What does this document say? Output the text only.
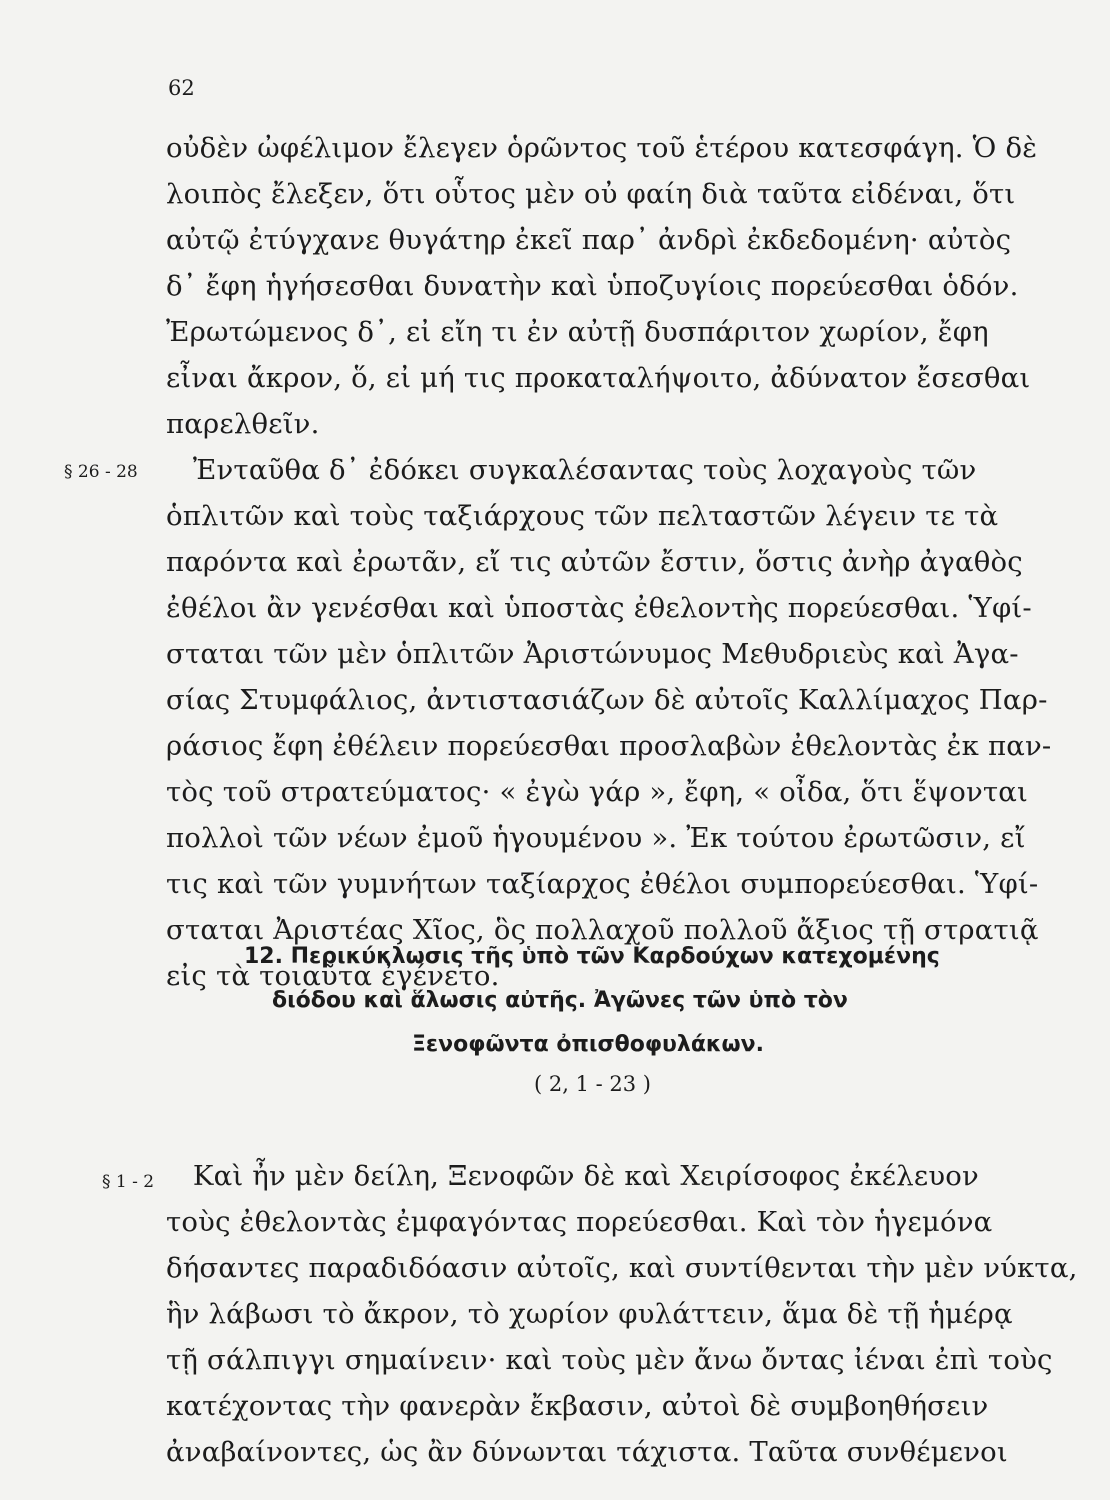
62
οὐδὲν ὠφέλιμον ἔλεγεν ὁρῶντος τοῦ ἑτέρου κατεσφάγη. Ὁ δὲ
λοιπὸς ἔλεξεν, ὅτι οὗτος μὲν οὐ φαίη διὰ ταῦτα εἰδέναι, ὅτι
αὐτῷ ἐτύγχανε θυγάτηρ ἐκεῖ παρ᾽ ἀνδρὶ ἐκδεδομένη· αὐτὸς
δ᾽ ἔφη ἡγήσεσθαι δυνατὴν καὶ ὑποζυγίοις πορεύεσθαι ὁδόν.
Ἐρωτώμενος δ᾽, εἰ εἴη τι ἐν αὐτῇ δυσπάριτον χωρίον, ἔφη
εἶναι ἄκρον, ὅ, εἰ μή τις προκαταλήψοιτο, ἀδύνατον ἔσεσθαι
παρελθεῖν.
§ 26 - 28 Ἐνταῦθα δ᾽ ἐδόκει συγκαλέσαντας τοὺς λοχαγοὺς τῶν
ὁπλιτῶν καὶ τοὺς ταξιάρχους τῶν πελταστῶν λέγειν τε τὰ
παρόντα καὶ ἐρωτᾶν, εἴ τις αὐτῶν ἔστιν, ὅστις ἀνὴρ ἀγαθὸς
ἐθέλοι ἂν γενέσθαι καὶ ὑποστὰς ἐθελοντὴς πορεύεσθαι. Ὑφί-
σταται τῶν μὲν ὁπλιτῶν Ἀριστώνυμος Μεθυδριεὺς καὶ Ἀγα-
σίας Στυμφάλιος, ἀντιστασιάζων δὲ αὐτοῖς Καλλίμαχος Παρ-
ράσιος ἔφη ἐθέλειν πορεύεσθαι προσλαβὼν ἐθελοντὰς ἐκ παν-
τὸς τοῦ στρατεύματος· « ἐγὼ γάρ », ἔφη, « οἶδα, ὅτι ἕψονται
πολλοὶ τῶν νέων ἐμοῦ ἡγουμένου ». Ἐκ τούτου ἐρωτῶσιν, εἴ
τις καὶ τῶν γυμνήτων ταξίαρχος ἐθέλοι συμπορεύεσθαι. Ὑφί-
σταται Ἀριστέας Χῖος, ὃς πολλαχοῦ πολλοῦ ἄξιος τῇ στρατιᾷ
εἰς τὰ τοιαῦτα ἐγένετο.
12. Περικύκλωσις τῆς ὑπὸ τῶν Καρδούχων κατεχομένης
διόδου καὶ ἅλωσις αὐτῆς. Ἀγῶνες τῶν ὑπὸ τὸν
Ξενοφῶντα ὀπισθοφυλάκων.
( 2, 1 - 23 )
§ 1 - 2 Καὶ ἦν μὲν δείλη, Ξενοφῶν δὲ καὶ Χειρίσοφος ἐκέλευον
τοὺς ἐθελοντὰς ἐμφαγόντας πορεύεσθαι. Καὶ τὸν ἡγεμόνα
δήσαντες παραδιδόασιν αὐτοῖς, καὶ συντίθενται τὴν μὲν νύκτα,
ἣν λάβωσι τὸ ἄκρον, τὸ χωρίον φυλάττειν, ἅμα δὲ τῇ ἡμέρᾳ
τῇ σάλπιγγι σημαίνειν· καὶ τοὺς μὲν ἄνω ὄντας ἰέναι ἐπὶ τοὺς
κατέχοντας τὴν φανερὰν ἔκβασιν, αὐτοὶ δὲ συμβοηθήσειν
ἀναβαίνοντες, ὡς ἂν δύνωνται τάχιστα. Ταῦτα συνθέμενοι
